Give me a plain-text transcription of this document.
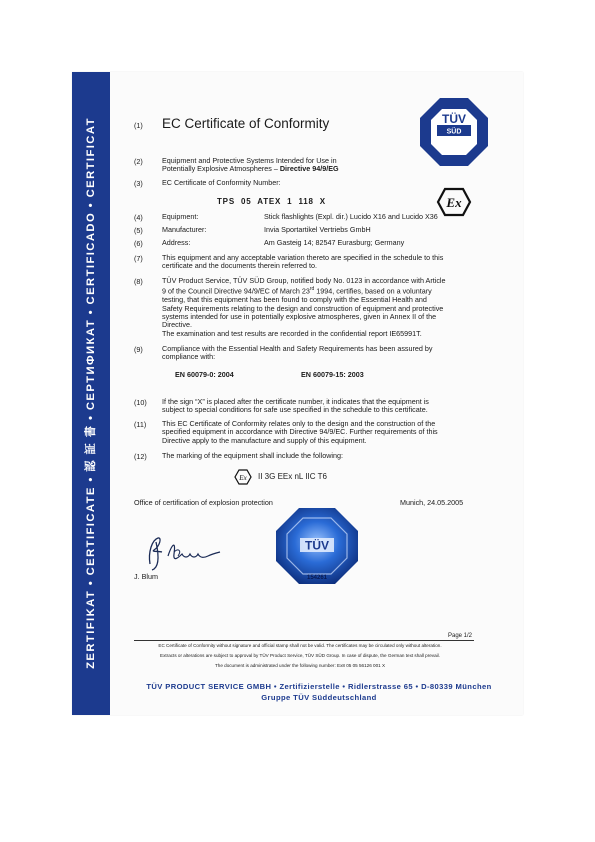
ZERTIFIKAT • CERTIFICATE • 認 証 書 • СЕРТИФИКАТ • CERTIFICADO • CERTIFICAT	(1) EC Certificate of Conformity	TÜV
SÜD
(2)	Equipment and Protective Systems Intended for Use in
Potentially Explosive Atmospheres – Directive 94/9/EG
(3)	EC Certificate of Conformity Number:
TPS 05 ATEX 1 118 X	Ex
(4)	Equipment:	Stick flashlights (Expl. dir.) Lucido X16 and Lucido X36
(5)	Manufacturer:	Invia Sportartikel Vertriebs GmbH
(6)	Address:	Am Gasteig 14; 82547 Eurasburg; Germany
(7)	This equipment and any acceptable variation thereto are specified in the schedule to this
certificate and the documents therein referred to.
(8)	TÜV Product Service, TÜV SÜD Group, notified body No. 0123 in accordance with Article
9 of the Council Directive 94/9/EC of March 23rd 1994, certifies, based on a voluntary
testing, that this equipment has been found to comply with the Essential Health and
Safety Requirements relating to the design and construction of equipment and protective
systems intended for use in potentially explosive atmospheres, given in Annex II of the
Directive.
The examination and test results are recorded in the confidential report IE65991T.
(9)	Compliance with the Essential Health and Safety Requirements has been assured by
compliance with:
EN 60079-0: 2004	EN 60079-15: 2003
(10) If the sign “X” is placed after the certificate number, it indicates that the equipment is
subject to special conditions for safe use specified in the schedule to this certificate.
(11) This EC Certificate of Conformity relates only to the design and the construction of the
specified equipment in accordance with Directive 94/9/EC. Further requirements of this
Directive apply to the manufacture and supply of this equipment.
(12) The marking of the equipment shall include the following:
Ex II 3G EEx nL IIC T6
Office of certification of explosion protection	Munich, 24.05.2005
J. Blum
TÜV
154261
Page 1/2
EC Certificate of Conformity without signature and official stamp shall not be valid. The certificates may be circulated only without alteration.
Extracts or alterations are subject to approval by TÜV Product Service, TÜV SÜD Group. In case of dispute, the German text shall prevail.
The document is administrated under the following number: Ex8 05 05 56126 001 X
TÜV PRODUCT SERVICE GMBH • Zertifizierstelle • Ridlerstrasse 65 • D-80339 München
Gruppe TÜV Süddeutschland
